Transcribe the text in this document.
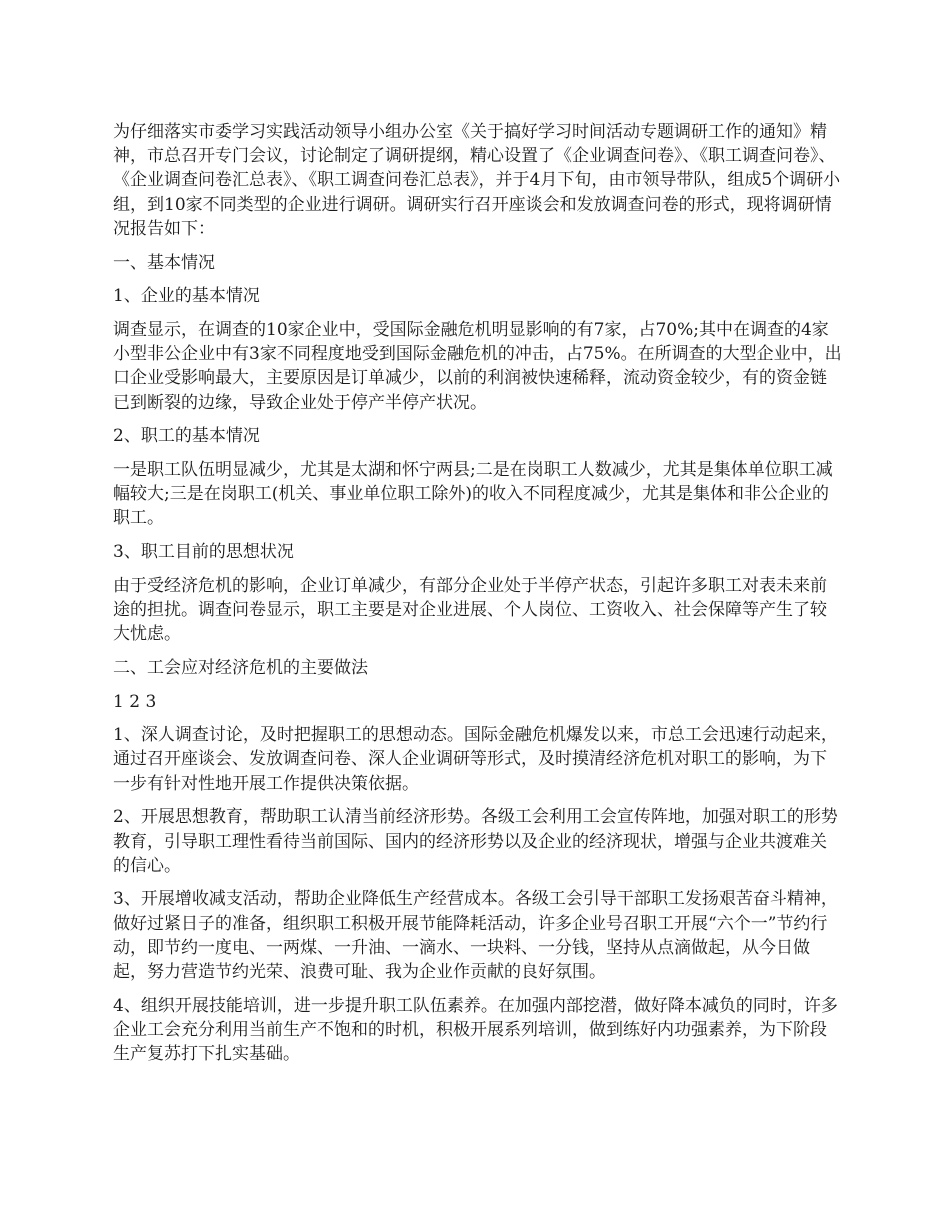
为仔细落实市委学习实践活动领导小组办公室《关于搞好学习时间活动专题调研工作的通知》精神，市总召开专门会议，讨论制定了调研提纲，精心设置了《企业调查问卷》、《职工调查问卷》、《企业调查问卷汇总表》、《职工调查问卷汇总表》，并于4月下旬，由市领导带队，组成5个调研小组，到10家不同类型的企业进行调研。调研实行召开座谈会和发放调查问卷的形式，现将调研情况报告如下：

一、基本情况

1、企业的基本情况

调查显示，在调查的10家企业中，受国际金融危机明显影响的有7家，占70%;其中在调查的4家小型非公企业中有3家不同程度地受到国际金融危机的冲击，占75%。在所调查的大型企业中，出口企业受影响最大，主要原因是订单减少，以前的利润被快速稀释，流动资金较少，有的资金链已到断裂的边缘，导致企业处于停产半停产状况。

2、职工的基本情况

一是职工队伍明显减少，尤其是太湖和怀宁两县;二是在岗职工人数减少，尤其是集体单位职工减幅较大;三是在岗职工(机关、事业单位职工除外)的收入不同程度减少，尤其是集体和非公企业的职工。

3、职工目前的思想状况

由于受经济危机的影响，企业订单减少，有部分企业处于半停产状态，引起许多职工对表未来前途的担扰。调查问卷显示，职工主要是对企业进展、个人岗位、工资收入、社会保障等产生了较大忧虑。

二、工会应对经济危机的主要做法

1 2 3

1、深人调查讨论，及时把握职工的思想动态。国际金融危机爆发以来，市总工会迅速行动起来，通过召开座谈会、发放调查问卷、深人企业调研等形式，及时摸清经济危机对职工的影响，为下一步有针对性地开展工作提供决策依据。

2、开展思想教育，帮助职工认清当前经济形势。各级工会利用工会宣传阵地，加强对职工的形势教育，引导职工理性看待当前国际、国内的经济形势以及企业的经济现状，增强与企业共渡难关的信心。

3、开展增收减支活动，帮助企业降低生产经营成本。各级工会引导干部职工发扬艰苦奋斗精神，做好过紧日子的准备，组织职工积极开展节能降耗活动，许多企业号召职工开展“六个一”节约行动，即节约一度电、一两煤、一升油、一滴水、一块料、一分钱，坚持从点滴做起，从今日做起，努力营造节约光荣、浪费可耻、我为企业作贡献的良好氛围。

4、组织开展技能培训，进一步提升职工队伍素养。在加强内部挖潜，做好降本减负的同时，许多企业工会充分利用当前生产不饱和的时机，积极开展系列培训，做到练好内功强素养，为下阶段生产复苏打下扎实基础。
